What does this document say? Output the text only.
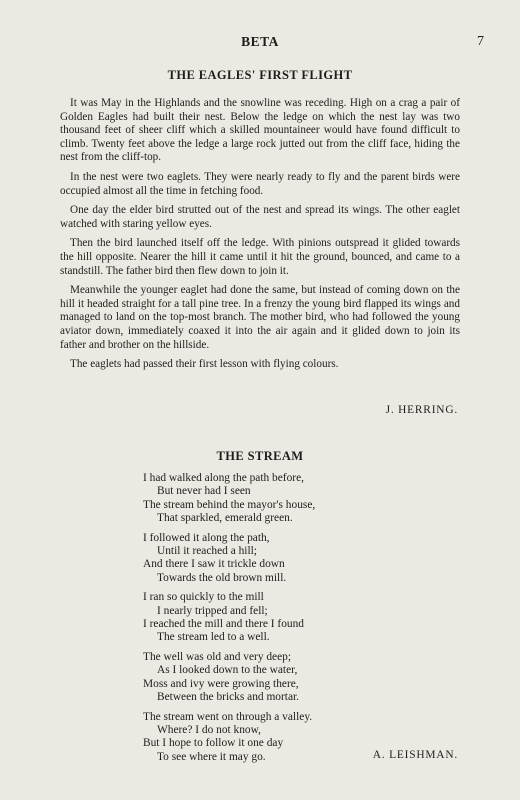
BETA	7
THE EAGLES' FIRST FLIGHT

It was May in the Highlands and the snowline was receding. High on a crag a pair of Golden Eagles had built their nest. Below the ledge on which the nest lay was two thousand feet of sheer cliff which a skilled mountaineer would have found difficult to climb. Twenty feet above the ledge a large rock jutted out from the cliff face, hiding the nest from the cliff-top.

In the nest were two eaglets. They were nearly ready to fly and the parent birds were occupied almost all the time in fetching food.

One day the elder bird strutted out of the nest and spread its wings. The other eaglet watched with staring yellow eyes.

Then the bird launched itself off the ledge. With pinions outspread it glided towards the hill opposite. Nearer the hill it came until it hit the ground, bounced, and came to a standstill. The father bird then flew down to join it.

Meanwhile the younger eaglet had done the same, but instead of coming down on the hill it headed straight for a tall pine tree. In a frenzy the young bird flapped its wings and managed to land on the top-most branch. The mother bird, who had followed the young aviator down, immediately coaxed it into the air again and it glided down to join its father and brother on the hillside.

The eaglets had passed their first lesson with flying colours.

J. HERRING.
THE STREAM
I had walked along the path before,
But never had I seen
The stream behind the mayor's house,
That sparkled, emerald green.
I followed it along the path,
Until it reached a hill;
And there I saw it trickle down
Towards the old brown mill.
I ran so quickly to the mill
I nearly tripped and fell;
I reached the mill and there I found
The stream led to a well.
The well was old and very deep;
As I looked down to the water,
Moss and ivy were growing there,
Between the bricks and mortar.
The stream went on through a valley.
Where? I do not know,
But I hope to follow it one day
To see where it may go.	A. LEISHMAN.
